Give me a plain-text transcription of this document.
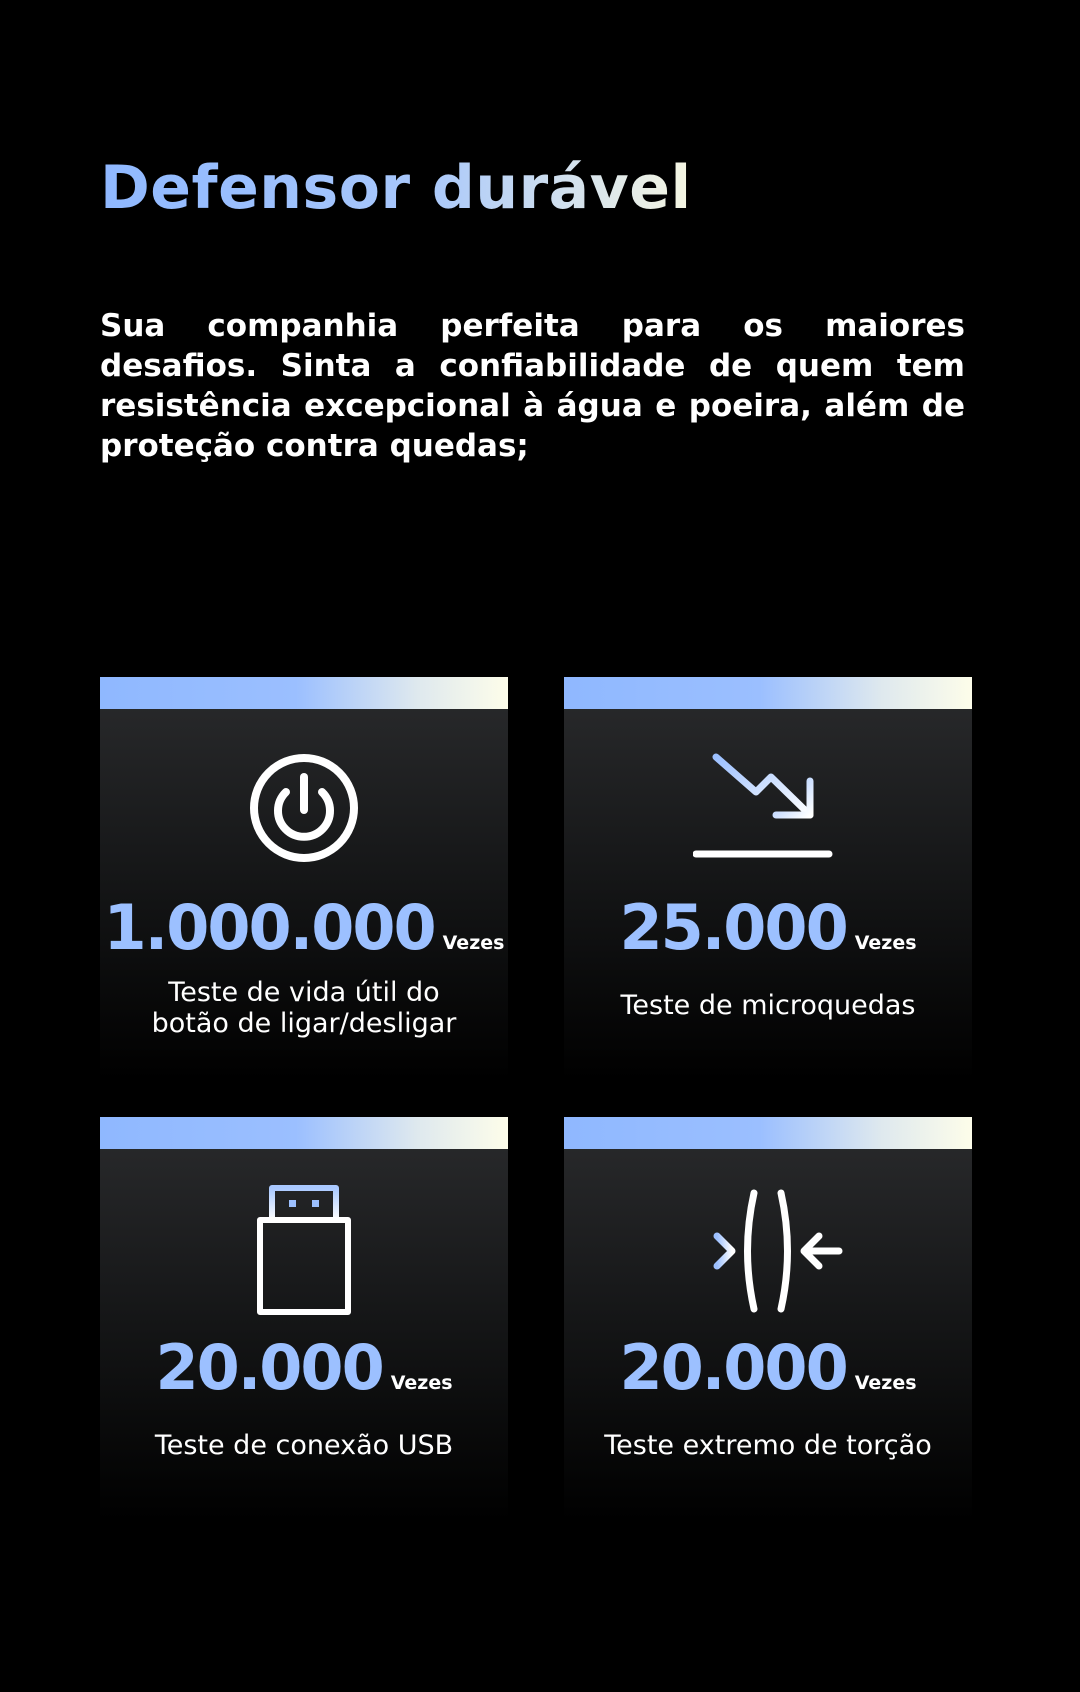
Defensor durável

Sua companhia perfeita para os maiores desafios. Sinta a confiabilidade de quem tem resistência excepcional à água e poeira, além de proteção contra quedas;

1.000.000 Vezes
Teste de vida útil do
botão de ligar/desligar
25.000 Vezes
Teste de microquedas
20.000 Vezes
Teste de conexão USB
20.000 Vezes
Teste extremo de torção
